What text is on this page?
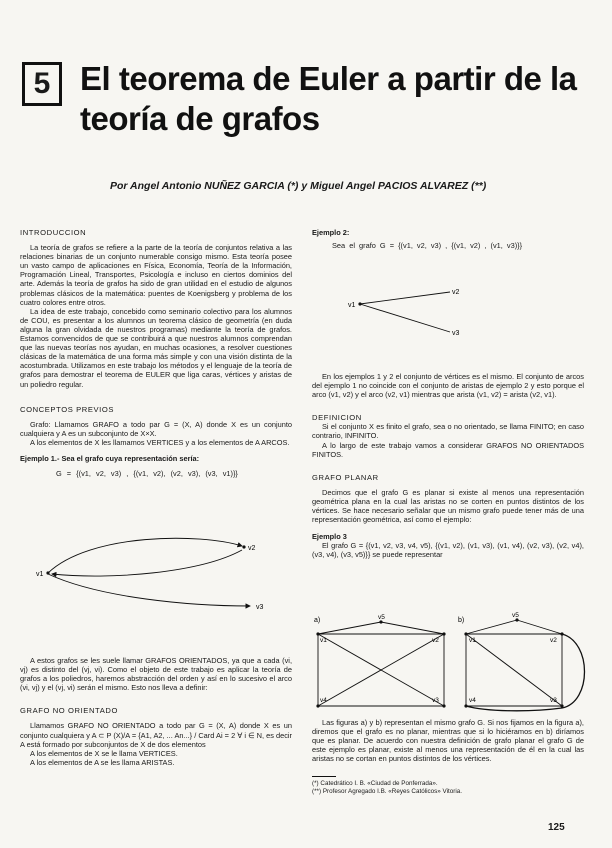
5 El teorema de Euler a partir de la
teoría de grafos
Por Angel Antonio NUÑEZ GARCIA (*) y Miguel Angel PACIOS ALVAREZ (**)

INTRODUCCION

La teoría de grafos se refiere a la parte de la teoría de conjuntos relativa a las relaciones binarias de un conjunto numerable consigo mismo. Esta teoría posee un vasto campo de aplicaciones en Física, Economía, Teoría de la Información, Programación Lineal, Transportes, Psicología e incluso en ciertos dominios del arte. Además la teoría de grafos ha sido de gran utilidad en el estudio de algunos problemas clásicos de la matemática: puentes de Koenigsberg y problema de los cuatro colores entre otros.

La idea de este trabajo, concebido como seminario colectivo para los alumnos de COU, es presentar a los alumnos un teorema clásico de geometría (en duda alguna la gran olvidada de nuestros programas) mediante la teoría de grafos. Estamos convencidos de que se contribuirá a que nuestros alumnos comprendan que las nuevas teorías nos ayudan, en muchas ocasiones, a resolver cuestiones clásicas de la matemática de una forma más simple y con una visión distinta de la acostumbrada. Utilizamos en este trabajo los métodos y el lenguaje de la teoría de grafos para demostrar el teorema de EULER que liga caras, vértices y aristas de un poliedro regular.

CONCEPTOS PREVIOS

Grafo: Llamamos GRAFO a todo par G = (X, A) donde X es un conjunto cualquiera y A es un subconjunto de X×X.

A los elementos de X les llamamos VERTICES y a los elementos de A ARCOS.

Ejemplo 1.- Sea el grafo cuya representación sería:

G = {(v1, v2, v3) , {(v1, v2), (v2, v3), (v3, v1)}}

v1
v2
v3

A estos grafos se les suele llamar GRAFOS ORIENTADOS, ya que a cada (vi, vj) es distinto del (vj, vi). Como el objeto de este trabajo es aplicar la teoría de grafos a los poliedros, haremos abstracción del orden y así en lo sucesivo el arco (vi, vj) y el (vj, vi) serán el mismo. Esto nos lleva a definir:

GRAFO NO ORIENTADO

Llamamos GRAFO NO ORIENTADO a todo par G = (X, A) donde X es un conjunto cualquiera y A ⊂ P (X)/A = {A1, A2, ... An...} / Card Ai = 2 ∀ i ∈ N, es decir A está formado por subconjuntos de X de dos elementos

A los elementos de X se le llama VERTICES.

A los elementos de A se les llama ARISTAS.

Ejemplo 2:

Sea el grafo G = {(v1, v2, v3) , {(v1, v2) , (v1, v3)}}

v1
v2
v3

En los ejemplos 1 y 2 el conjunto de vértices es el mismo. El conjunto de arcos del ejemplo 1 no coincide con el conjunto de aristas de ejemplo 2 y esto porque el arco (v1, v2) y el arco (v2, v1) mientras que arista (v1, v2) = arista (v2, v1).

DEFINICION

Si el conjunto X es finito el grafo, sea o no orientado, se llama FINITO; en caso contrario, INFINITO.

A lo largo de este trabajo vamos a considerar GRAFOS NO ORIENTADOS FINITOS.

GRAFO PLANAR

Decimos que el grafo G es planar si existe al menos una representación geométrica plana en la cual las aristas no se corten en puntos distintos de los vértices. Se hace necesario señalar que un mismo grafo puede tener más de una representación geométrica, así como el ejemplo:

Ejemplo 3

El grafo G = {(v1, v2, v3, v4, v5), {(v1, v2), (v1, v3), (v1, v4), (v2, v3), (v2, v4), (v3, v4), (v3, v5)}} se puede representar

a)	v5
v1	v2
v4	v3
b)
v5
v1	v2
v4	v3

Las figuras a) y b) representan el mismo grafo G. Si nos fijamos en la figura a), diremos que el grafo es no planar, mientras que si lo hiciéramos en b) diríamos que es planar. De acuerdo con nuestra definición de grafo planar el grafo G de este ejemplo es planar, existe al menos una representación de él en la cual las aristas no se cortan en puntos distintos de los vértices.

(*) Catedrático I. B. «Ciudad de Ponferrada».
(**) Profesor Agregado I.B. «Reyes Católicos» Vitoria.
125
